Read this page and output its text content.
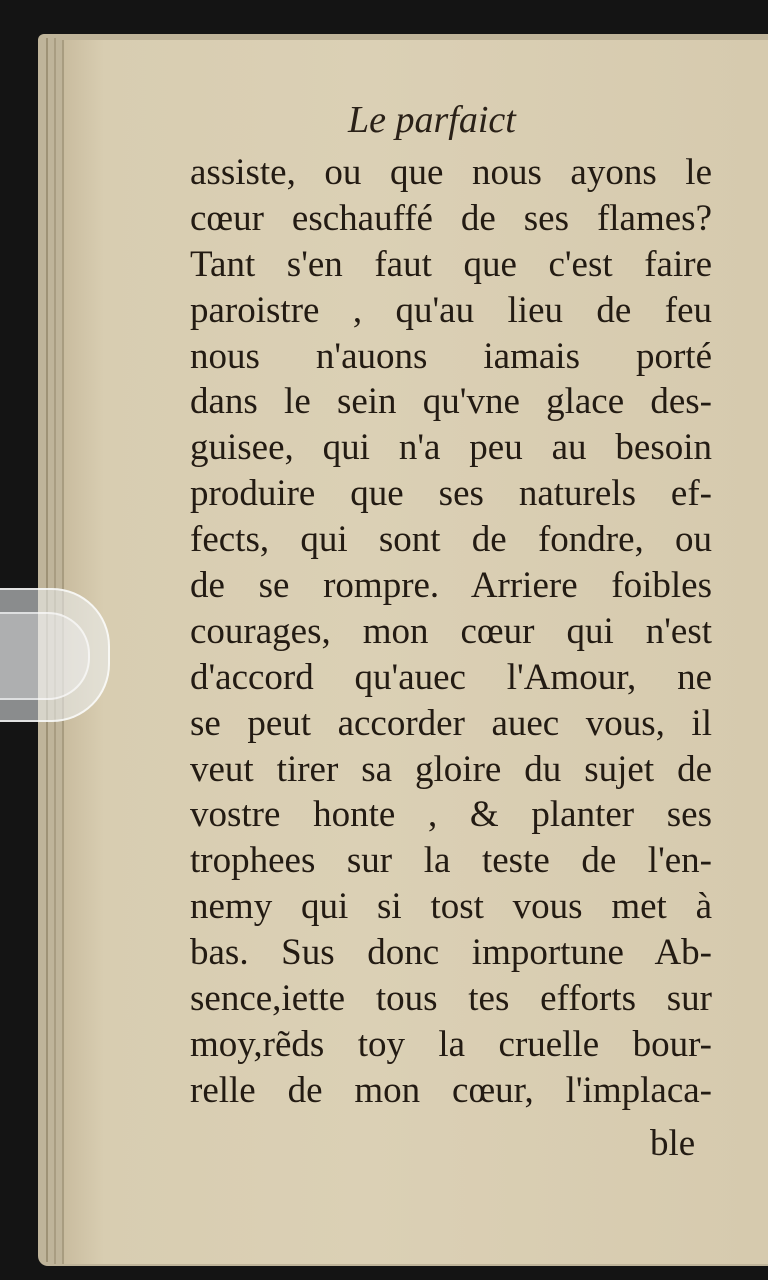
Le parfaict
assiste, ou que nous ayons le
cœur eschauffé de ses flames?
Tant s'en faut que c'est faire
paroistre , qu'au lieu de feu
nous n'auons iamais porté
dans le sein qu'vne glace des-
guisee, qui n'a peu au besoin
produire que ses naturels ef-
fects, qui sont de fondre, ou
de se rompre. Arriere foibles
courages, mon cœur qui n'est
d'accord qu'auec l'Amour, ne
se peut accorder auec vous, il
veut tirer sa gloire du sujet de
vostre honte , & planter ses
trophees sur la teste de l'en-
nemy qui si tost vous met à
bas. Sus donc importune Ab-
sence,iette tous tes efforts sur
moy,rẽds toy la cruelle bour-
relle de mon cœur, l'implaca-
ble
